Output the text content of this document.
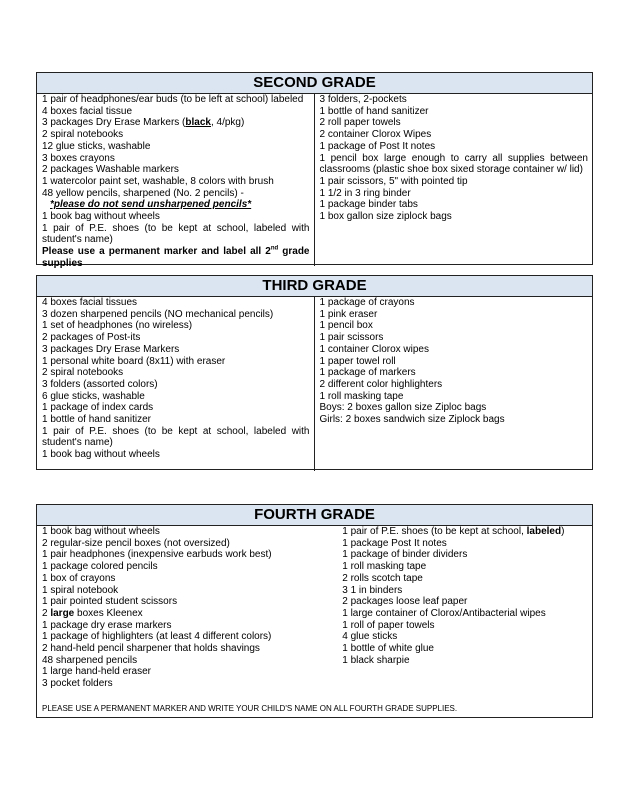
SECOND GRADE
1 pair of headphones/ear buds (to be left at school) labeled
4 boxes facial tissue
3 packages Dry Erase Markers (black, 4/pkg)
2 spiral notebooks
12 glue sticks, washable
3 boxes crayons
2 packages Washable markers
1 watercolor paint set, washable, 8 colors with brush
48 yellow pencils, sharpened (No. 2 pencils) -
*please do not send unsharpened pencils*
1 book bag without wheels
1 pair of P.E. shoes (to be kept at school, labeled with student's name)
Please use a permanent marker and label all 2nd grade supplies
3 folders, 2-pockets
1 bottle of hand sanitizer
2 roll paper towels
2 container Clorox Wipes
1 package of Post It notes
1 pencil box large enough to carry all supplies between classrooms (plastic shoe box sixed storage container w/ lid)
1 pair scissors, 5" with pointed tip
1 1/2 in 3 ring binder
1 package binder tabs
1 box gallon size ziplock bags
THIRD GRADE
4 boxes facial tissues
3 dozen sharpened pencils (NO mechanical pencils)
1 set of headphones (no wireless)
2 packages of Post-its
3 packages Dry Erase Markers
1 personal white board (8x11) with eraser
2 spiral notebooks
3 folders (assorted colors)
6 glue sticks, washable
1 package of index cards
1 bottle of hand sanitizer
1 pair of P.E. shoes (to be kept at school, labeled with student's name)
1 book bag without wheels
1 package of crayons
1 pink eraser
1 pencil box
1 pair scissors
1 container Clorox wipes
1 paper towel roll
1 package of markers
2 different color highlighters
1 roll masking tape
Boys: 2 boxes gallon size Ziploc bags
Girls: 2 boxes sandwich size Ziplock bags
FOURTH GRADE
1 book bag without wheels
2 regular-size pencil boxes (not oversized)
1 pair headphones (inexpensive earbuds work best)
1 package colored pencils
1 box of crayons
1 spiral notebook
1 pair pointed student scissors
2 large boxes Kleenex
1 package dry erase markers
1 package of highlighters (at least 4 different colors)
2 hand-held pencil sharpener that holds shavings
48 sharpened pencils
1 large hand-held eraser
3 pocket folders
1 pair of P.E. shoes (to be kept at school, labeled)
1 package Post It notes
1 package of binder dividers
1 roll masking tape
2 rolls scotch tape
3 1 in binders
2 packages loose leaf paper
1 large container of Clorox/Antibacterial wipes
1 roll of paper towels
4 glue sticks
1 bottle of white glue
1 black sharpie
PLEASE USE A PERMANENT MARKER AND WRITE YOUR CHILD'S NAME ON ALL FOURTH GRADE SUPPLIES.
